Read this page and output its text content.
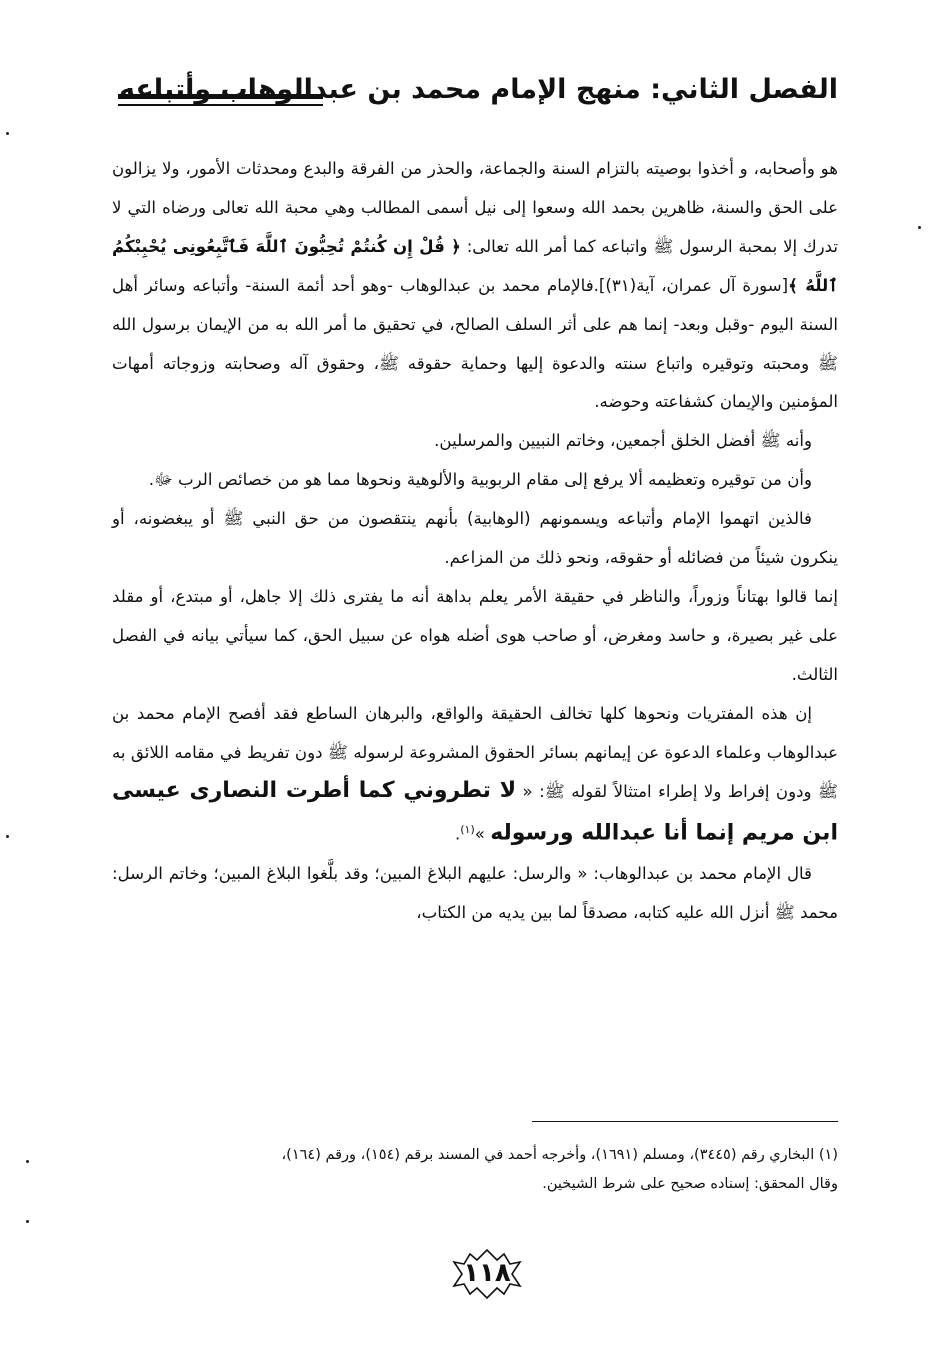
الفصل الثاني: منهج الإمام محمد بن عبدالوهاب وأتباعه

هو وأصحابه، و أخذوا بوصيته بالتزام السنة والجماعة، والحذر من الفرقة والبدع ومحدثات الأمور، ولا يزالون على الحق والسنة، ظاهرين بحمد الله وسعوا إلى نيل أسمى المطالب وهي محبة الله تعالى ورضاه التي لا تدرك إلا بمحبة الرسول ﷺ واتباعه كما أمر الله تعالى: ﴿ قُلْ إِن كُنتُمْ تُحِبُّونَ ٱللَّهَ فَٱتَّبِعُونِى يُحْبِبْكُمُ ٱللَّهُ ﴾[سورة آل عمران، آية(٣١)].فالإمام محمد بن عبدالوهاب -وهو أحد أئمة السنة- وأتباعه وسائر أهل السنة اليوم -وقبل وبعد- إنما هم على أثر السلف الصالح، في تحقيق ما أمر الله به من الإيمان برسول الله ﷺ ومحبته وتوقيره واتباع سنته والدعوة إليها وحماية حقوقه ﷺ، وحقوق آله وصحابته وزوجاته أمهات المؤمنين والإيمان كشفاعته وحوضه.

وأنه ﷺ أفضل الخلق أجمعين، وخاتم النبيين والمرسلين.

وأن من توقيره وتعظيمه ألا يرفع إلى مقام الربوبية والألوهية ونحوها مما هو من خصائص الرب ﷻ.

فالذين اتهموا الإمام وأتباعه ويسمونهم (الوهابية) بأنهم ينتقصون من حق النبي ﷺ أو يبغضونه، أو ينكرون شيئاً من فضائله أو حقوقه، ونحو ذلك من المزاعم.

إنما قالوا بهتاناً وزوراً، والناظر في حقيقة الأمر يعلم بداهة أنه ما يفترى ذلك إلا جاهل، أو مبتدع، أو مقلد على غير بصيرة، و حاسد ومغرض، أو صاحب هوى أضله هواه عن سبيل الحق، كما سيأتي بيانه في الفصل الثالث.

إن هذه المفتريات ونحوها كلها تخالف الحقيقة والواقع، والبرهان الساطع فقد أفصح الإمام محمد بن عبدالوهاب وعلماء الدعوة عن إيمانهم بسائر الحقوق المشروعة لرسوله ﷺ دون تفريط في مقامه اللائق به ﷺ ودون إفراط ولا إطراء امتثالاً لقوله ﷺ: « لا تطروني كما أطرت النصارى عيسى ابن مريم إنما أنا عبدالله ورسوله »$^{(١)}$.

قال الإمام محمد بن عبدالوهاب: « والرسل: عليهم البلاغ المبين؛ وقد بلَّغوا البلاغ المبين؛ وخاتم الرسل: محمد ﷺ أنزل الله عليه كتابه، مصدقاً لما بين يديه من الكتاب،

(١) البخاري رقم (٣٤٤٥)، ومسلم (١٦٩١)، وأخرجه أحمد في المسند برقم (١٥٤)، ورقم (١٦٤)،

وقال المحقق: إسناده صحيح على شرط الشيخين.

١١٨
